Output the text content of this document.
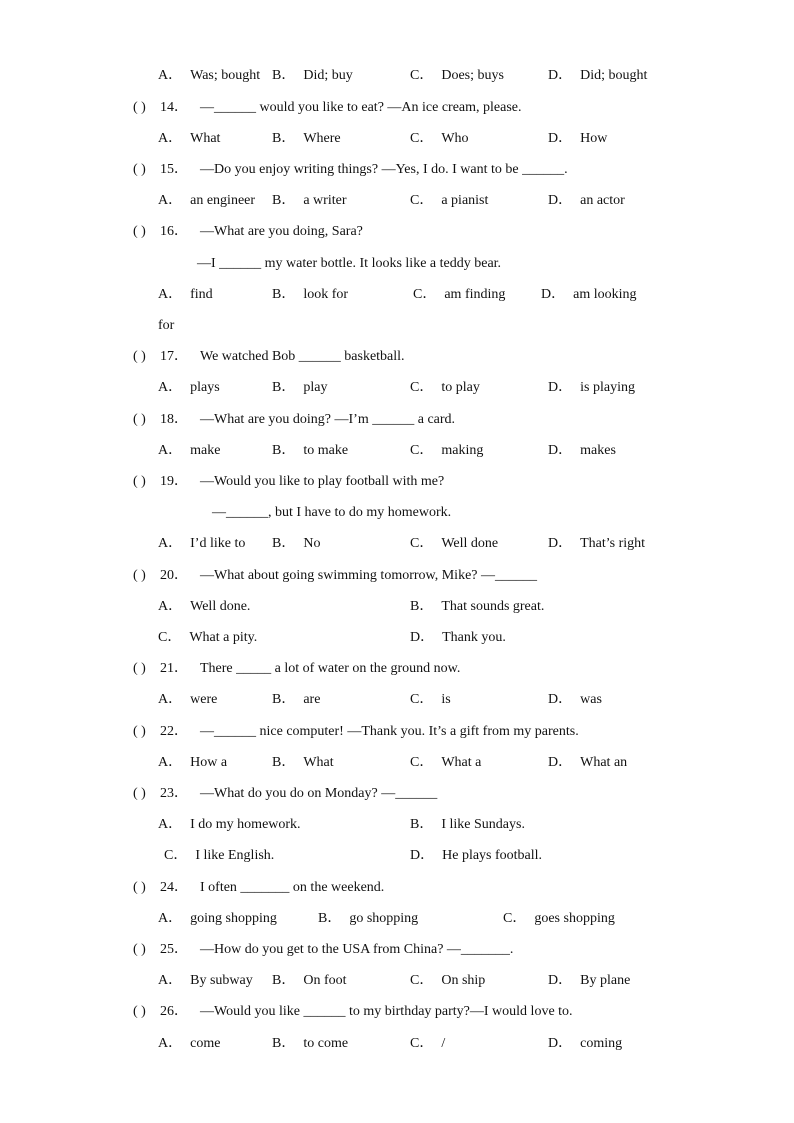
A． Was; bought B． Did; buy	C． Does; buys	D． Did; bought
( ) 14． —______ would you like to eat? —An ice cream, please.
A． What	B． Where	C． Who	D． How
( ) 15． —Do you enjoy writing things? —Yes, I do. I want to be ______.
A． an engineer B． a writer	C． a pianist	D． an actor
( ) 16． —What are you doing, Sara?
—I ______ my water bottle. It looks like a teddy bear.
A． find	B． look for	C． am finding	D． am looking
for
( ) 17． We watched Bob ______ basketball.
A． plays	B． play	C． to play	D． is playing
( ) 18． —What are you doing? —I’m ______ a card.
A． make	B． to make	C． making	D． makes
( ) 19． —Would you like to play football with me?
—______, but I have to do my homework.
A． I’d like to B． No	C． Well done	D． That’s right
( ) 20． —What about going swimming tomorrow, Mike? —______
A． Well done.	B． That sounds great.
C． What a pity.	D． Thank you.
( ) 21． There _____ a lot of water on the ground now.
A． were	B． are	C． is	D． was
( ) 22． —______ nice computer! —Thank you. It’s a gift from my parents.
A． How a	B． What	C． What a	D． What an
( ) 23． —What do you do on Monday? —______
A． I do my homework.	B． I like Sundays.
C． I like English.	D． He plays football.
( ) 24． I often _______ on the weekend.
A． going shopping	B． go shopping	C． goes shopping
( ) 25． —How do you get to the USA from China? —_______.
A． By subway B． On foot	C． On ship	D． By plane
( ) 26． —Would you like ______ to my birthday party?—I would love to.
A． come	B． to come	C． /	D． coming
